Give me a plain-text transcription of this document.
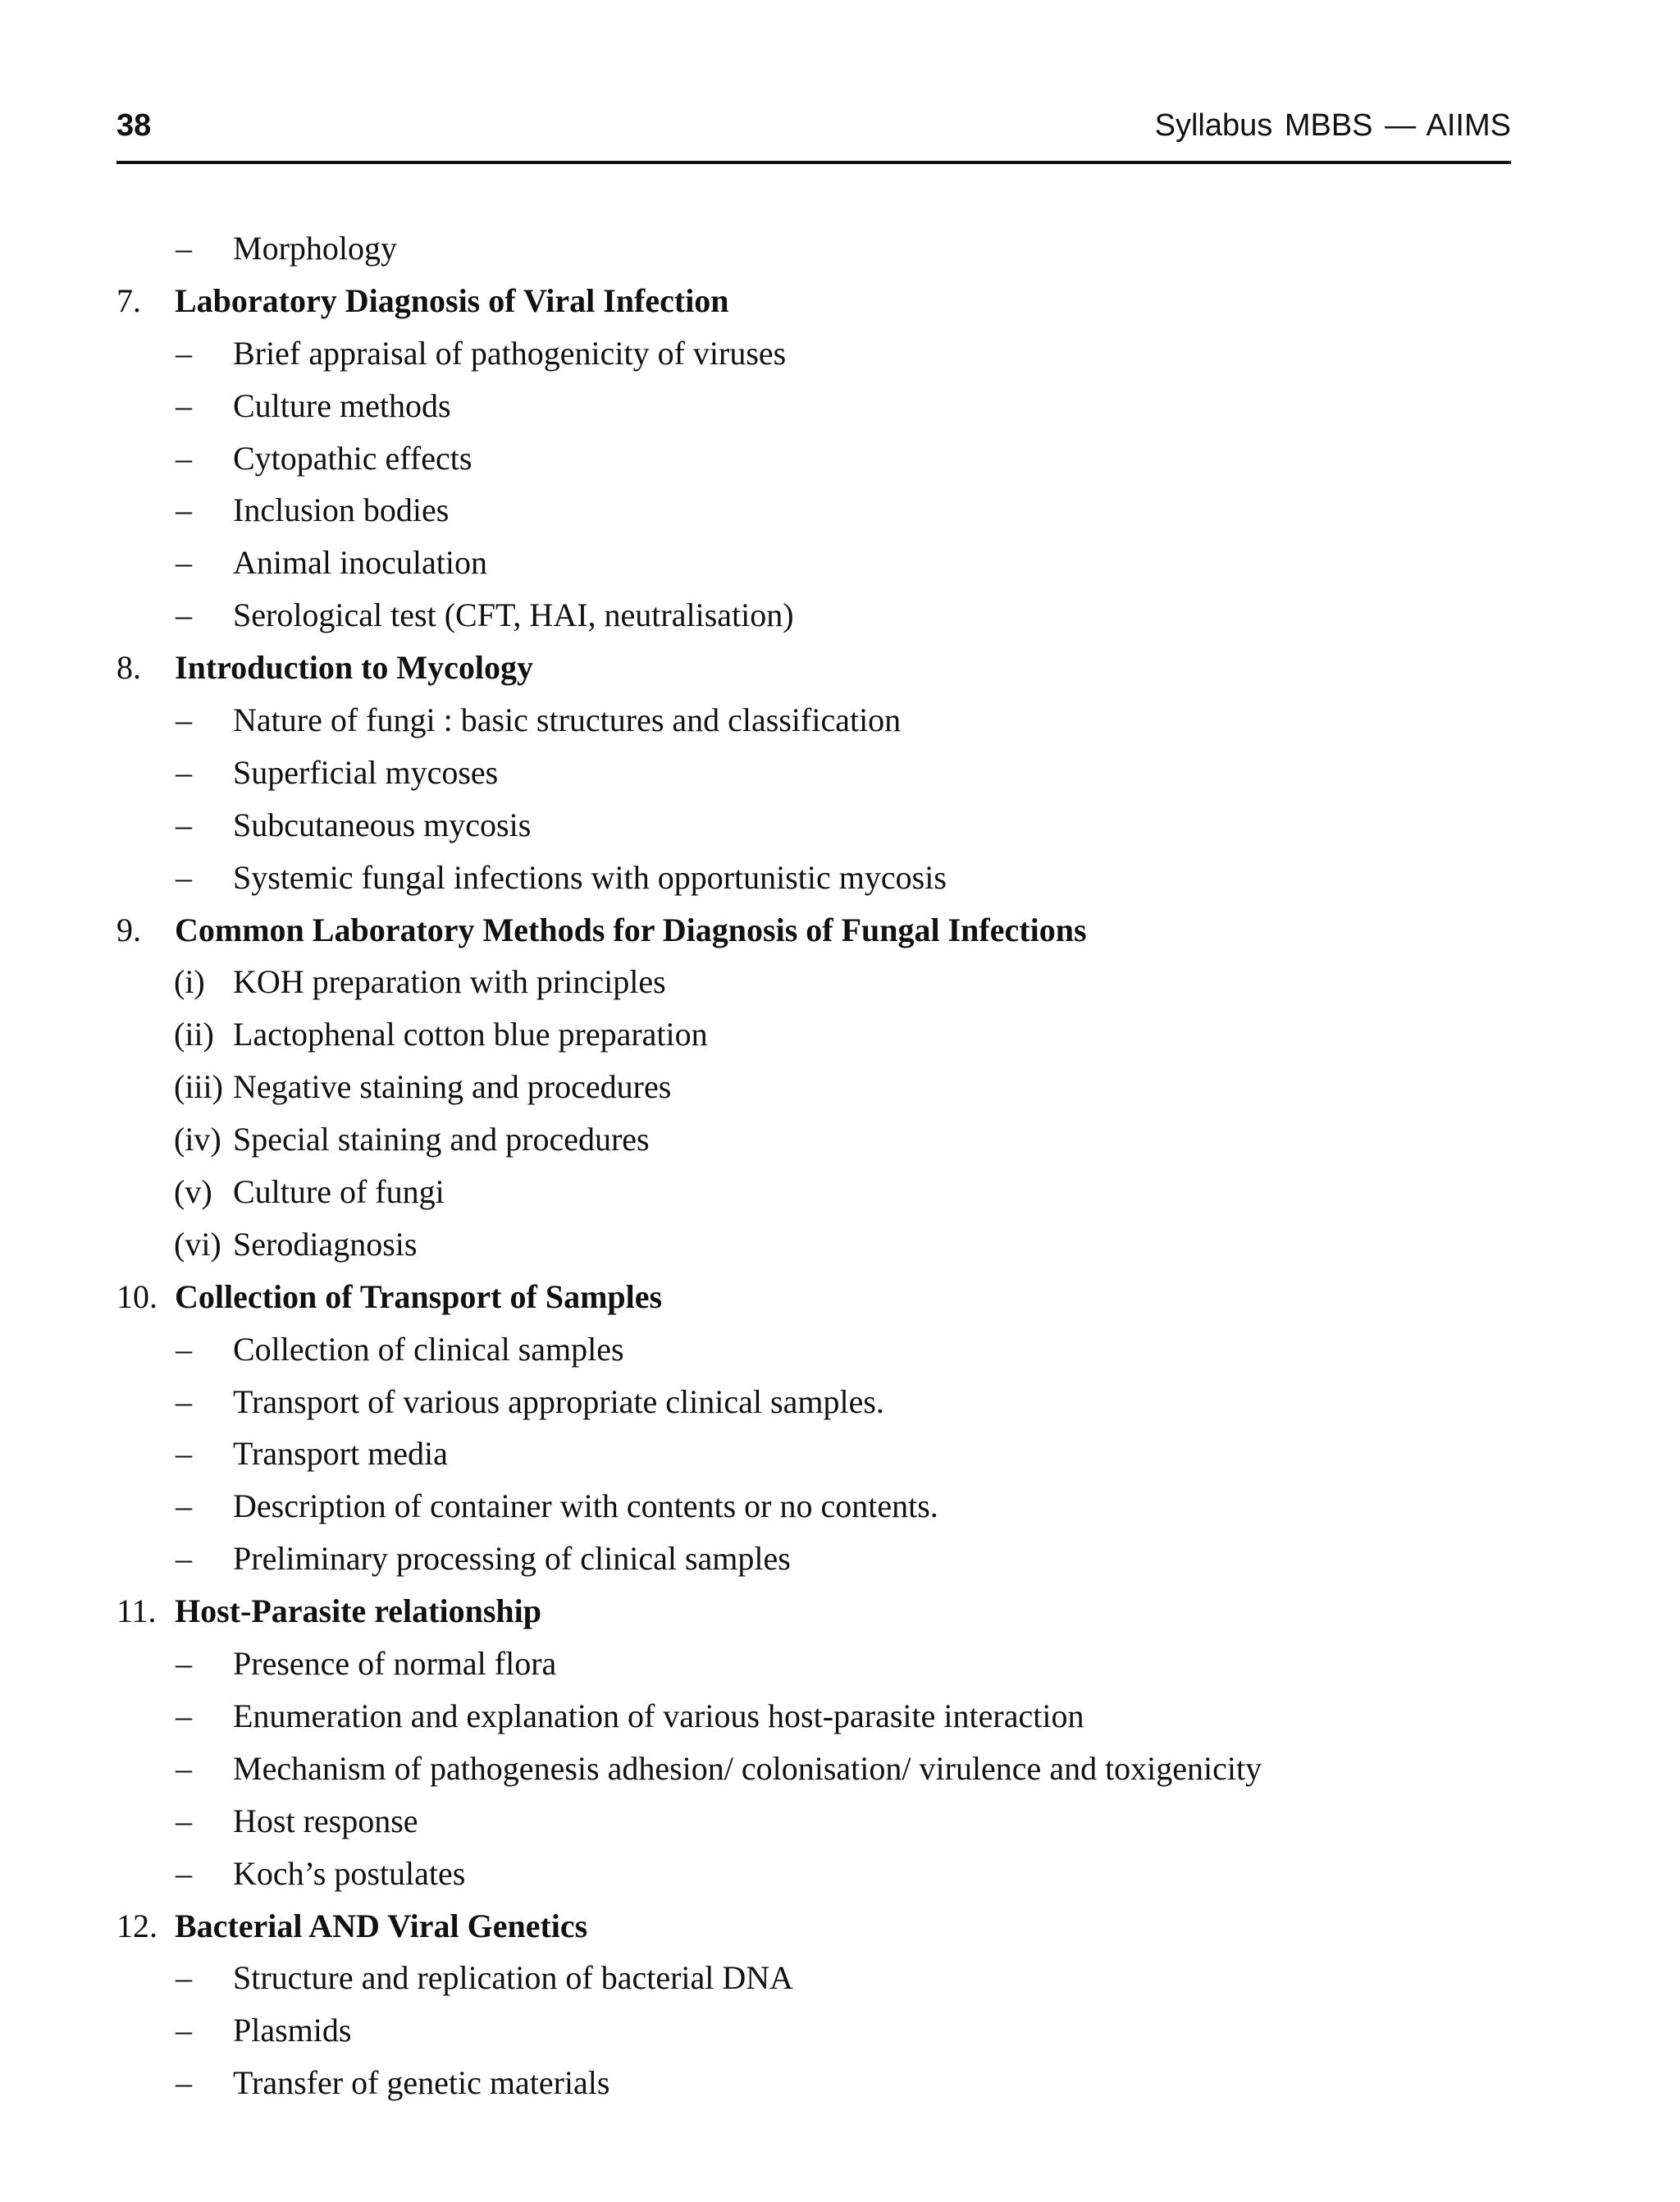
38	Syllabus MBBS — AIIMS
– Morphology
7. Laboratory Diagnosis of Viral Infection
– Brief appraisal of pathogenicity of viruses
– Culture methods
– Cytopathic effects
– Inclusion bodies
– Animal inoculation
– Serological test (CFT, HAI, neutralisation)
8. Introduction to Mycology
– Nature of fungi : basic structures and classification
– Superficial mycoses
– Subcutaneous mycosis
– Systemic fungal infections with opportunistic mycosis
9. Common Laboratory Methods for Diagnosis of Fungal Infections
(i) KOH preparation with principles
(ii) Lactophenal cotton blue preparation
(iii) Negative staining and procedures
(iv) Special staining and procedures
(v) Culture of fungi
(vi) Serodiagnosis
10. Collection of Transport of Samples
– Collection of clinical samples
– Transport of various appropriate clinical samples.
– Transport media
– Description of container with contents or no contents.
– Preliminary processing of clinical samples
11. Host-Parasite relationship
– Presence of normal flora
– Enumeration and explanation of various host-parasite interaction
– Mechanism of pathogenesis adhesion/ colonisation/ virulence and toxigenicity
– Host response
– Koch’s postulates
12. Bacterial AND Viral Genetics
– Structure and replication of bacterial DNA
– Plasmids
– Transfer of genetic materials
